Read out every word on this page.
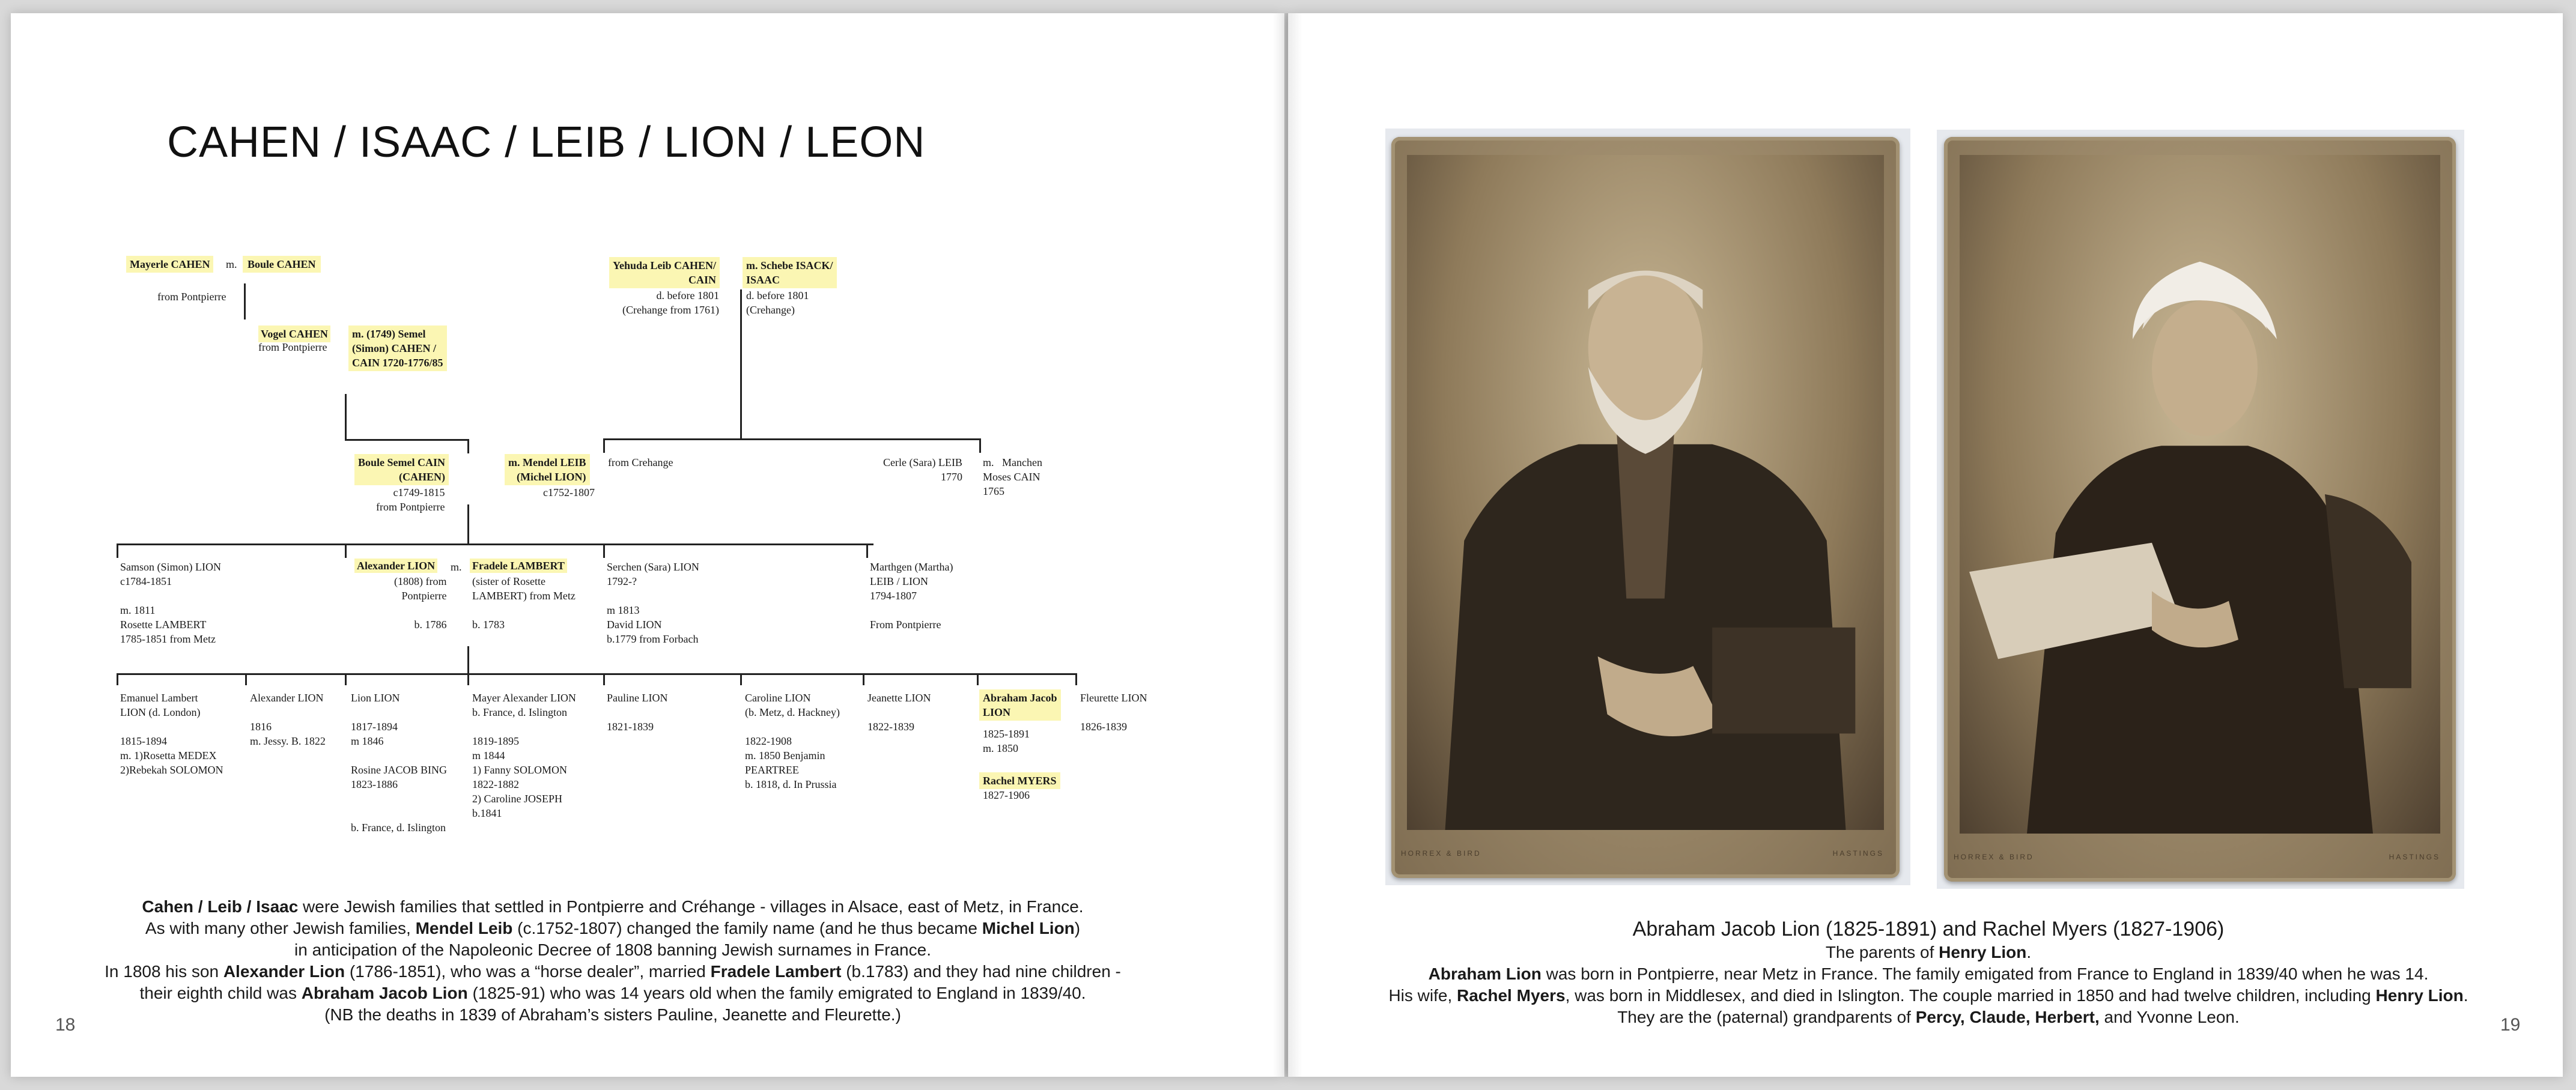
CAHEN / ISAAC / LEIB / LION / LEON
Mayerle CAHEN	m. Boule CAHEN
from Pontpierre
Yehuda Leib CAHEN/
CAIN
d. before 1801
(Crehange from 1761)
m. Schebe ISACK/
ISAAC
d. before 1801
(Crehange)
Vogel CAHEN
from Pontpierre
m. (1749) Semel
(Simon) CAHEN /
CAIN 1720-1776/85
Boule Semel CAIN
(CAHEN)
c1749-1815
from Pontpierre
m. Mendel LEIB
(Michel LION)
c1752-1807
from Crehange	Cerle (Sara) LEIB
1770
m.   Manchen
Moses CAIN
1765
Samson (Simon) LION
c1784-1851

m. 1811
Rosette LAMBERT
1785-1851 from Metz
Alexander LION m.
(1808) from
Pontpierre

b. 1786
Fradele LAMBERT
(sister of Rosette
LAMBERT) from Metz

b. 1783
Serchen (Sara) LION
1792-?

m 1813
David LION
b.1779 from Forbach
Marthgen (Martha)
LEIB / LION
1794-1807

From Pontpierre
Emanuel Lambert
LION (d. London)

1815-1894
m. 1)Rosetta MEDEX
2)Rebekah SOLOMON
Alexander LION

1816
m. Jessy. B. 1822
Lion LION

1817-1894
m 1846

Rosine JACOB BING
1823-1886

b. France, d. Islington
Mayer Alexander LION
b. France, d. Islington

1819-1895
m 1844
1) Fanny SOLOMON
1822-1882
2) Caroline JOSEPH
b.1841
Pauline LION

1821-1839
Caroline LION
(b. Metz, d. Hackney)

1822-1908
m. 1850 Benjamin
PEARTREE
b. 1818, d. In Prussia
Jeanette LION

1822-1839
Abraham Jacob
LION
1825-1891
m. 1850
Rachel MYERS
1827-1906
Fleurette LION

1826-1839
Cahen / Leib / Isaac were Jewish families that settled in Pontpierre and Créhange - villages in Alsace, east of Metz, in France.
As with many other Jewish families, Mendel Leib (c.1752-1807) changed the family name (and he thus became Michel Lion)
in anticipation of the Napoleonic Decree of 1808 banning Jewish surnames in France.
In 1808 his son Alexander Lion (1786-1851), who was a “horse dealer”, married Fradele Lambert (b.1783) and they had nine children -
their eighth child was Abraham Jacob Lion (1825-91) who was 14 years old when the family emigrated to England in 1839/40.
(NB the deaths in 1839 of Abraham’s sisters Pauline, Jeanette and Fleurette.)
18
HORREX & BIRD	HASTINGS	HORREX & BIRD	HASTINGS
Abraham Jacob Lion (1825-1891) and Rachel Myers (1827-1906)
The parents of Henry Lion.
Abraham Lion was born in Pontpierre, near Metz in France. The family emigated from France to England in 1839/40 when he was 14.
His wife, Rachel Myers, was born in Middlesex, and died in Islington. The couple married in 1850 and had twelve children, including Henry Lion.
They are the (paternal) grandparents of Percy, Claude, Herbert, and Yvonne Leon.	19
